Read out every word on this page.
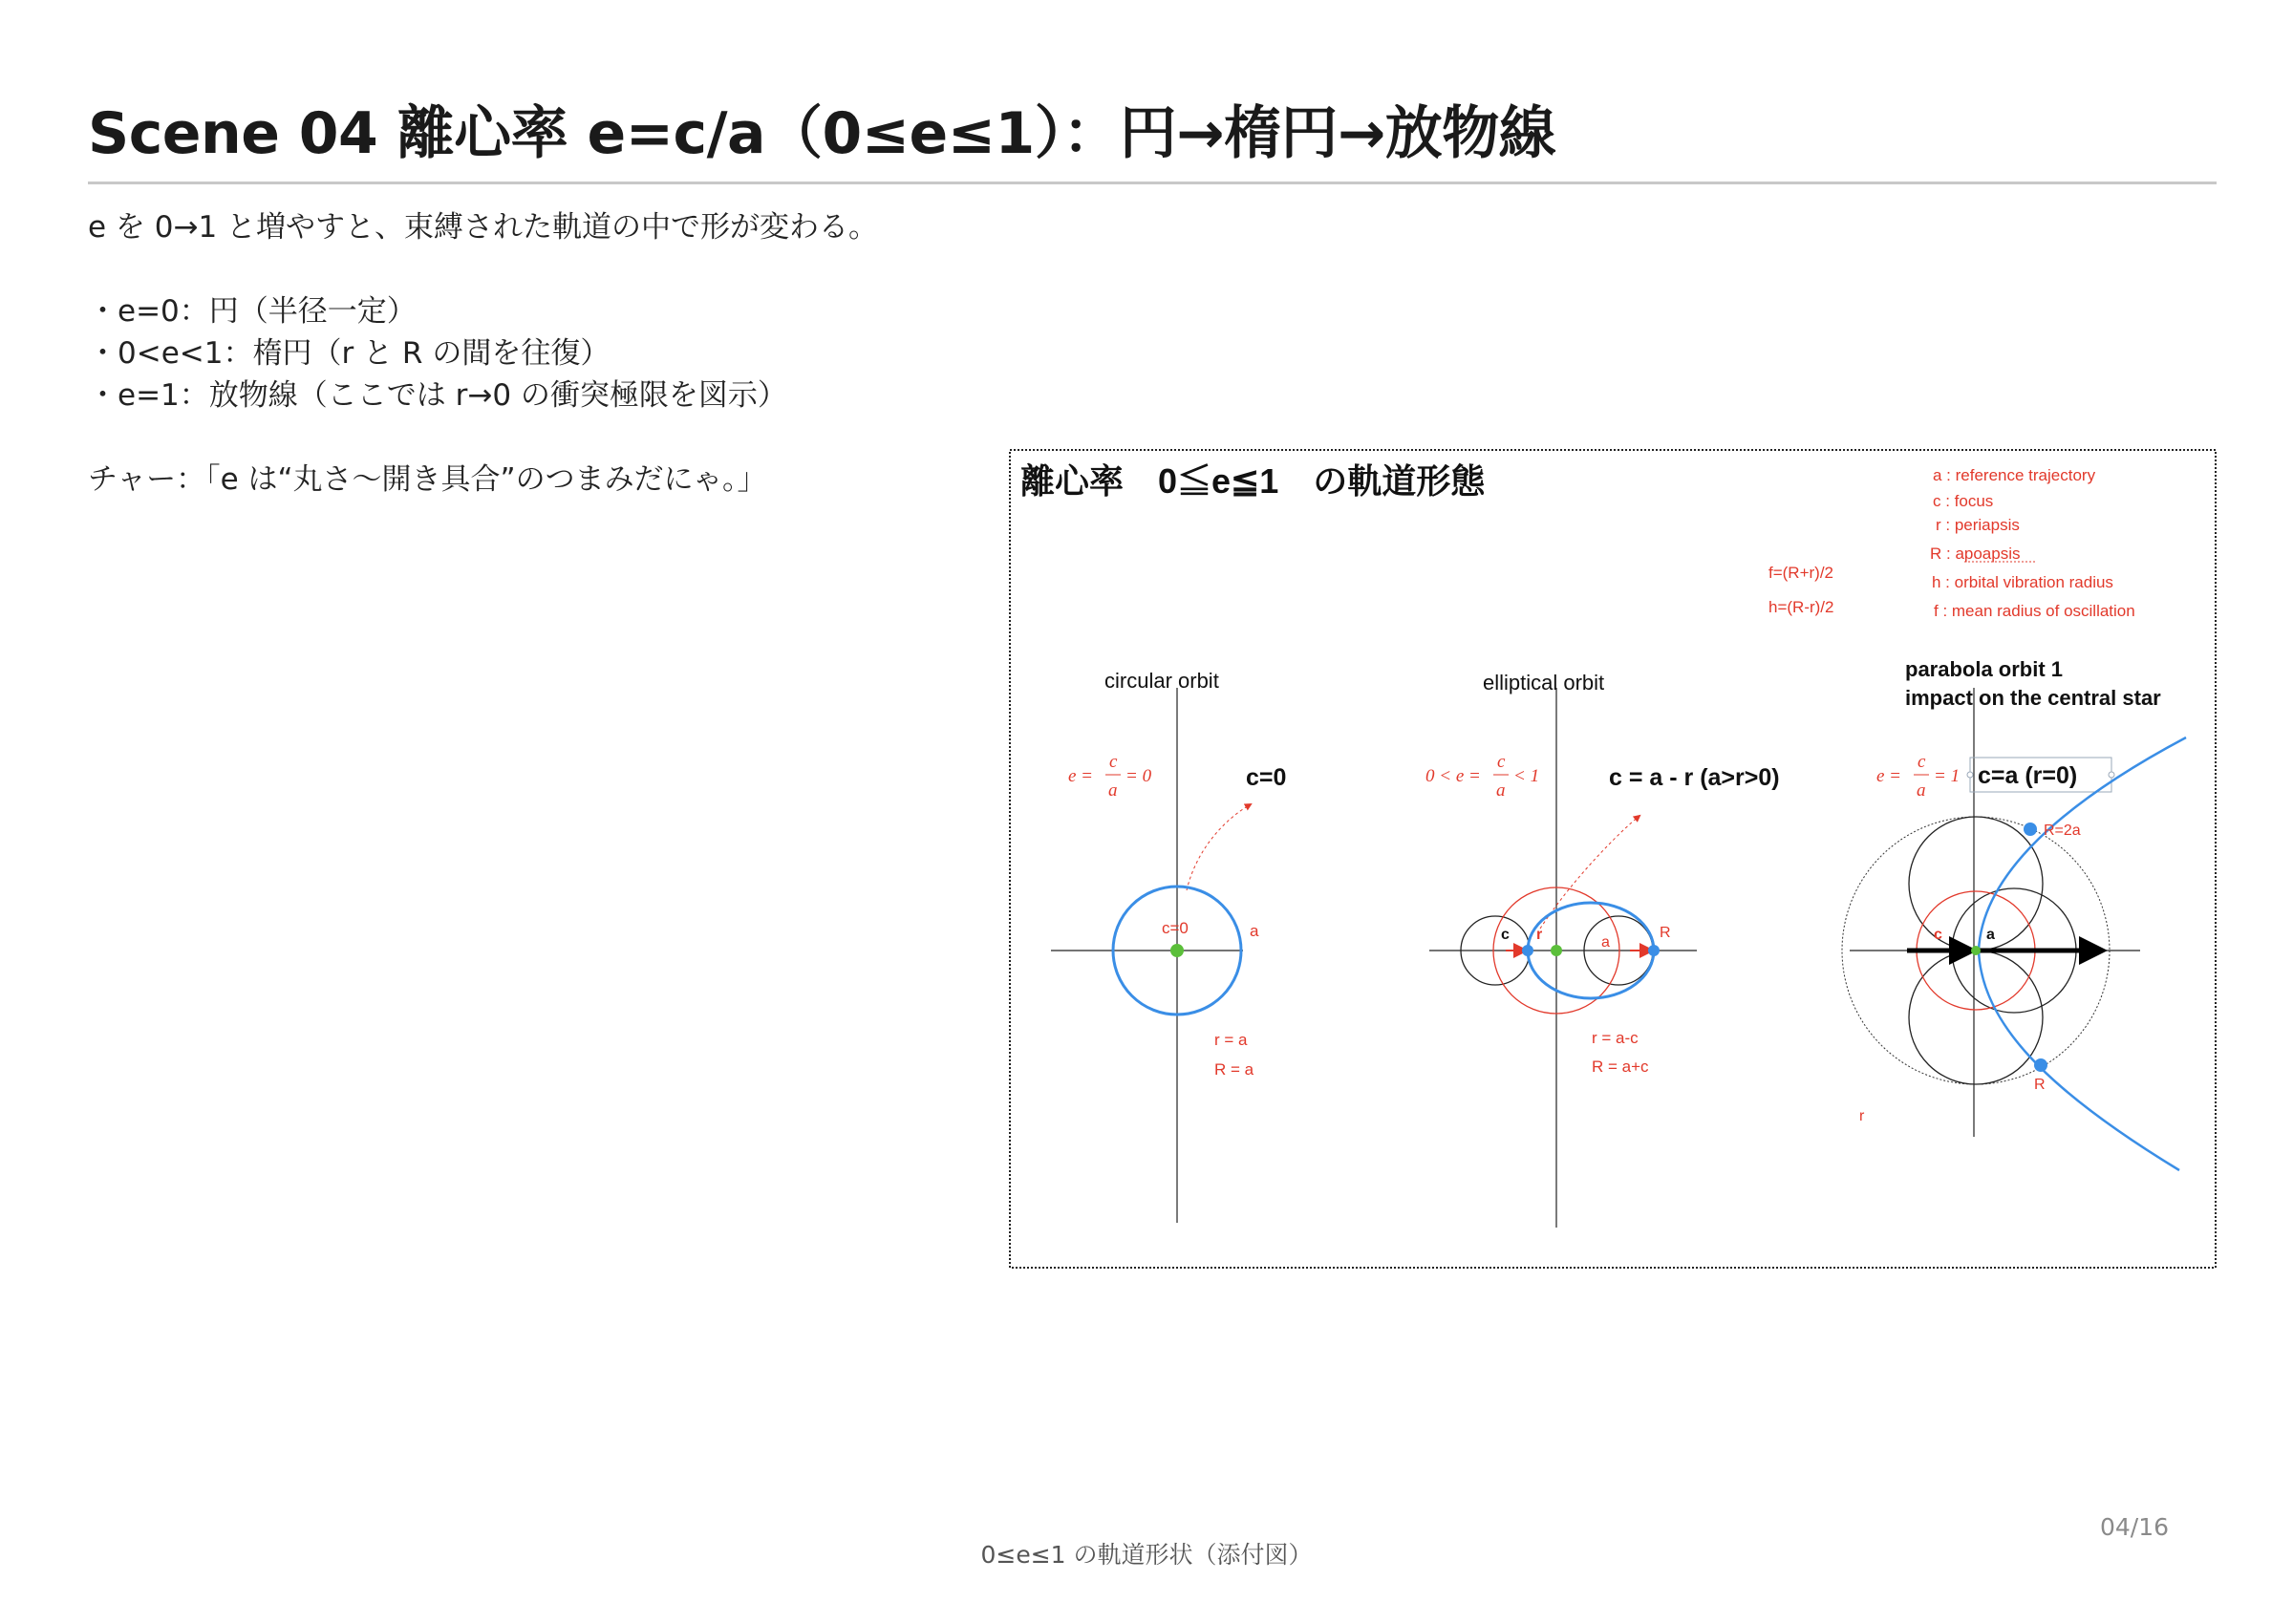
Scene 04 離心率 e=c/a（0≤e≤1）：円→楕円→放物線
e を 0→1 と増やすと、束縛された軌道の中で形が変わる。
・e=0：円（半径一定）
・0<e<1：楕円（r と R の間を往復）
・e=1：放物線（ここでは r→0 の衝突極限を図示）
チャー：「e は“丸さ〜開き具合”のつまみだにゃ。」	離心率　0≦e≦1　の軌道形態	a : reference trajectory
c : focus
r : periapsis
R : apoapsis
h : orbital vibration radius
f : mean radius of oscillation
f=(R+r)/2
h=(R-r)/2
circular orbit
e =
c
a
= 0	c=0
c=0	a
r = a
R = a
elliptical orbit
0 < e =
c
a
< 1	c = a - r (a>r>0)
c r	a
R
r = a-c
R = a+c
parabola orbit 1
impact on the central star
e =
c
a
= 1 c=a (r=0)
c	a
R=2a
R
r
0≤e≤1 の軌道形状（添付図）
04/16
